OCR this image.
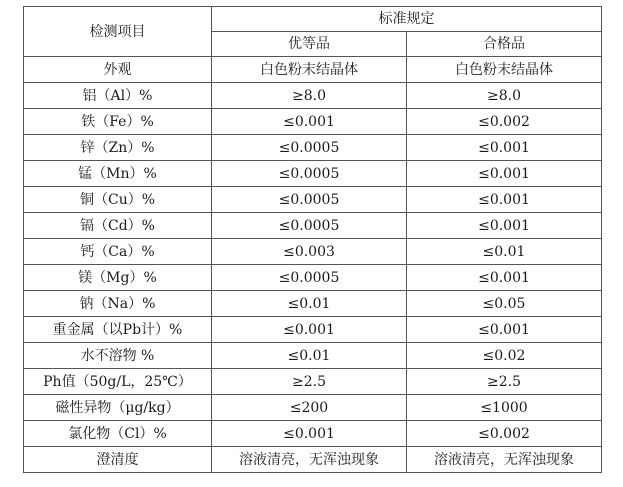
检测项目	标准规定	
	优等品	合格品
外观	白色粉末结晶体	白色粉末结晶体
铝（Al）%	≥8.0	≥8.0
铁（Fe）%	≤0.001	≤0.002
锌（Zn）%	≤0.0005	≤0.001
锰（Mn）%	≤0.0005	≤0.001
铜（Cu）%	≤0.0005	≤0.001
镉（Cd）%	≤0.0005	≤0.001
钙（Ca）%	≤0.003	≤0.01
镁（Mg）%	≤0.0005	≤0.001
钠（Na）%	≤0.01	≤0.05
重金属（以Pb计）%	≤0.001	≤0.001
水不溶物 %	≤0.01	≤0.02
Ph值（50g/L，25℃）	≥2.5	≥2.5
磁性异物（μg/kg）	≤200	≤1000
氯化物（Cl）%	≤0.001	≤0.002
澄清度	溶液清亮，无浑浊现象	溶液清亮，无浑浊现象
